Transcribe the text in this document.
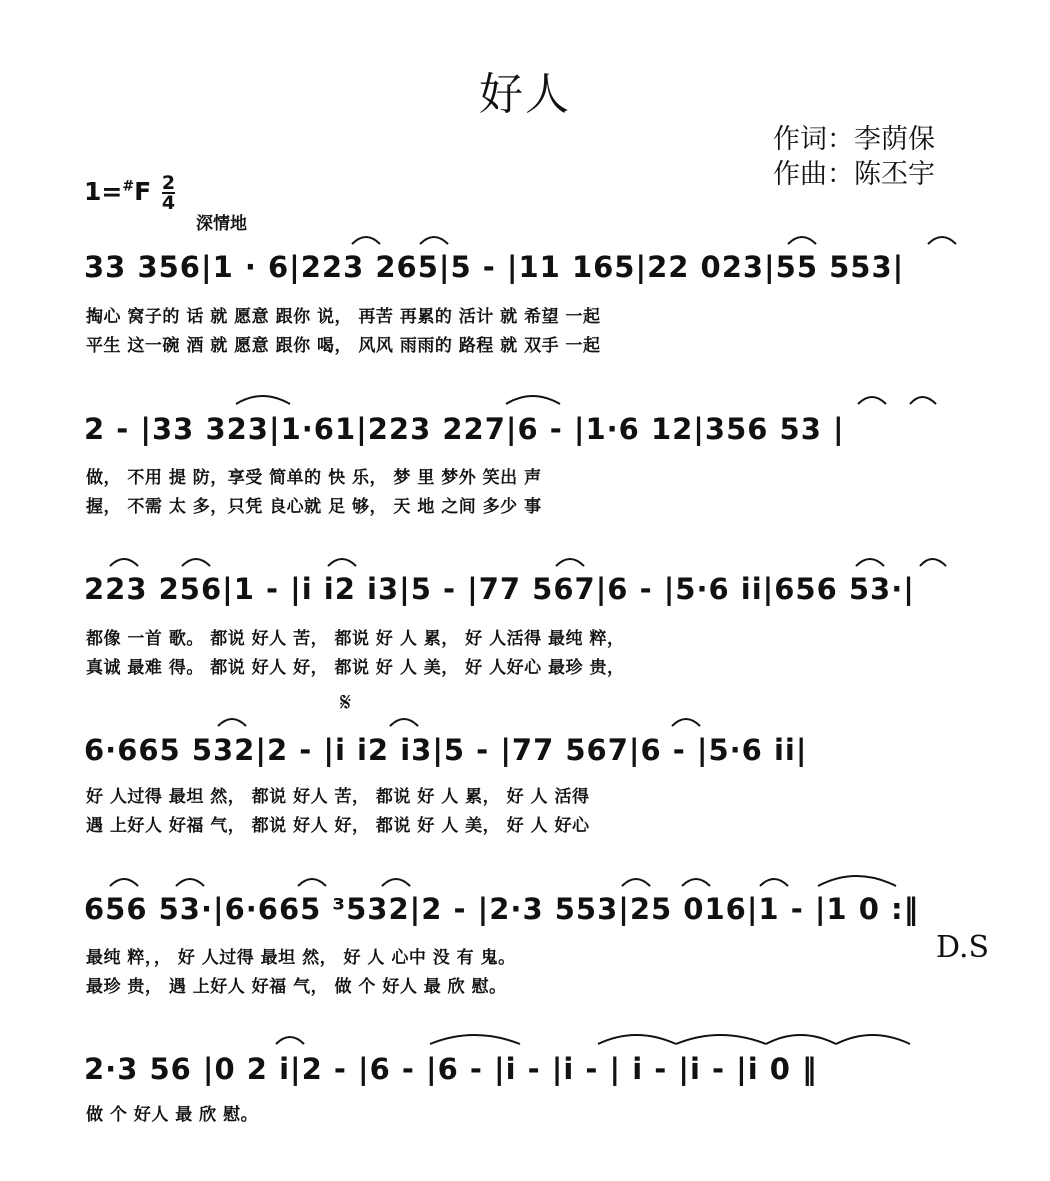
好人
作词：李荫保
作曲：陈丕宇
$1=^{\#}F \frac{2}{4}$
深情地
33 356|1 · 6|223 265|5 - |11 165|22 023|55 553|
掏心 窝子的 话 就 愿意 跟你 说， 再苦 再累的 活计 就 希望 一起
平生 这一碗 酒 就 愿意 跟你 喝， 风风 雨雨的 路程 就 双手 一起
2 - |33 323|1·61|223 227|6 - |1·6 12|356 53 |
做， 不用 提 防，享受 简单的 快 乐， 梦 里 梦外 笑出 声
握， 不需 太 多，只凭 良心就 足 够， 天 地 之间 多少 事
223 256|1 - |i i2 i3|5 - |77 567|6 - |5·6 ii|656 53·|
都像 一首 歌。 都说 好人 苦， 都说 好 人 累， 好 人活得 最纯 粹，
真诚 最难 得。 都说 好人 好， 都说 好 人 美， 好 人好心 最珍 贵，
𝄋
6·665 532|2 - |i i2 i3|5 - |77 567|6 - |5·6 ii|
好 人过得 最坦 然， 都说 好人 苦， 都说 好 人 累， 好 人 活得
遇 上好人 好福 气， 都说 好人 好， 都说 好 人 美， 好 人 好心
656 53·|6·665 ³532|2 - |2·3 553|25 016|1 - |1 0 :‖
最纯 粹，， 好 人过得 最坦 然， 好 人 心中 没 有 鬼。
最珍 贵， 遇 上好人 好福 气， 做 个 好人 最 欣 慰。
D.S
2·3 56 |0 2 i|2 - |6 - |6 - |i - |i - | i - |i - |i 0 ‖
做 个 好人 最 欣 慰。
